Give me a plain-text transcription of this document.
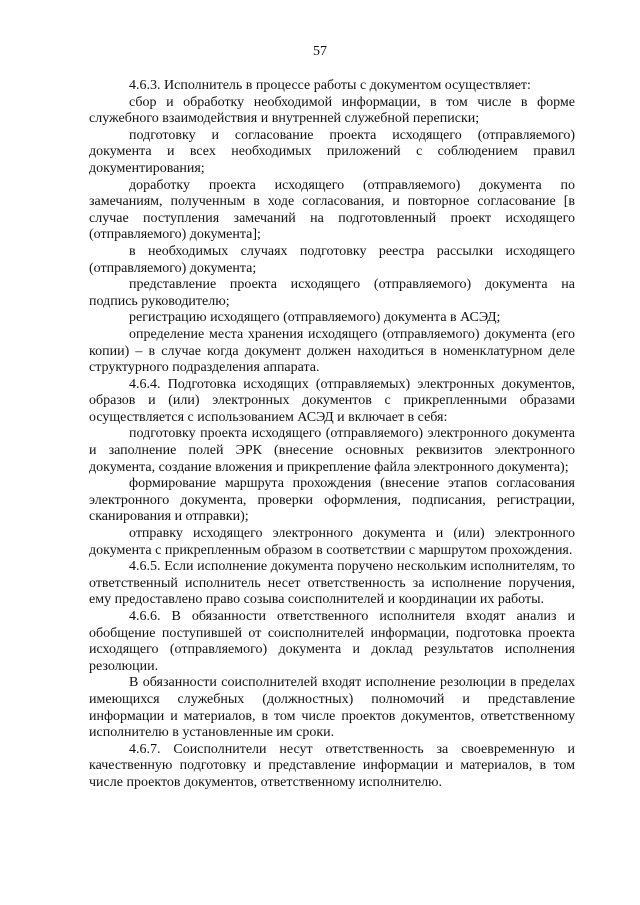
57

4.6.3. Исполнитель в процессе работы с документом осуществляет:

сбор и обработку необходимой информации, в том числе в форме служебного взаимодействия и внутренней служебной переписки;

подготовку и согласование проекта исходящего (отправляемого) документа и всех необходимых приложений с соблюдением правил документирования;

доработку проекта исходящего (отправляемого) документа по замечаниям, полученным в ходе согласования, и повторное согласование [в случае поступления замечаний на подготовленный проект исходящего (отправляемого) документа];

в необходимых случаях подготовку реестра рассылки исходящего (отправляемого) документа;

представление проекта исходящего (отправляемого) документа на подпись руководителю;

регистрацию исходящего (отправляемого) документа в АСЭД;

определение места хранения исходящего (отправляемого) документа (его копии) – в случае когда документ должен находиться в номенклатурном деле структурного подразделения аппарата.

4.6.4. Подготовка исходящих (отправляемых) электронных документов, образов и (или) электронных документов с прикрепленными образами осуществляется с использованием АСЭД и включает в себя:

подготовку проекта исходящего (отправляемого) электронного документа и заполнение полей ЭРК (внесение основных реквизитов электронного документа, создание вложения и прикрепление файла электронного документа);

формирование маршрута прохождения (внесение этапов согласования электронного документа, проверки оформления, подписания, регистрации, сканирования и отправки);

отправку исходящего электронного документа и (или) электронного документа с прикрепленным образом в соответствии с маршрутом прохождения.

4.6.5. Если исполнение документа поручено нескольким исполнителям, то ответственный исполнитель несет ответственность за исполнение поручения, ему предоставлено право созыва соисполнителей и координации их работы.

4.6.6. В обязанности ответственного исполнителя входят анализ и обобщение поступившей от соисполнителей информации, подготовка проекта исходящего (отправляемого) документа и доклад результатов исполнения резолюции.

В обязанности соисполнителей входят исполнение резолюции в пределах имеющихся служебных (должностных) полномочий и представление информации и материалов, в том числе проектов документов, ответственному исполнителю в установленные им сроки.

4.6.7. Соисполнители несут ответственность за своевременную и качественную подготовку и представление информации и материалов, в том числе проектов документов, ответственному исполнителю.
